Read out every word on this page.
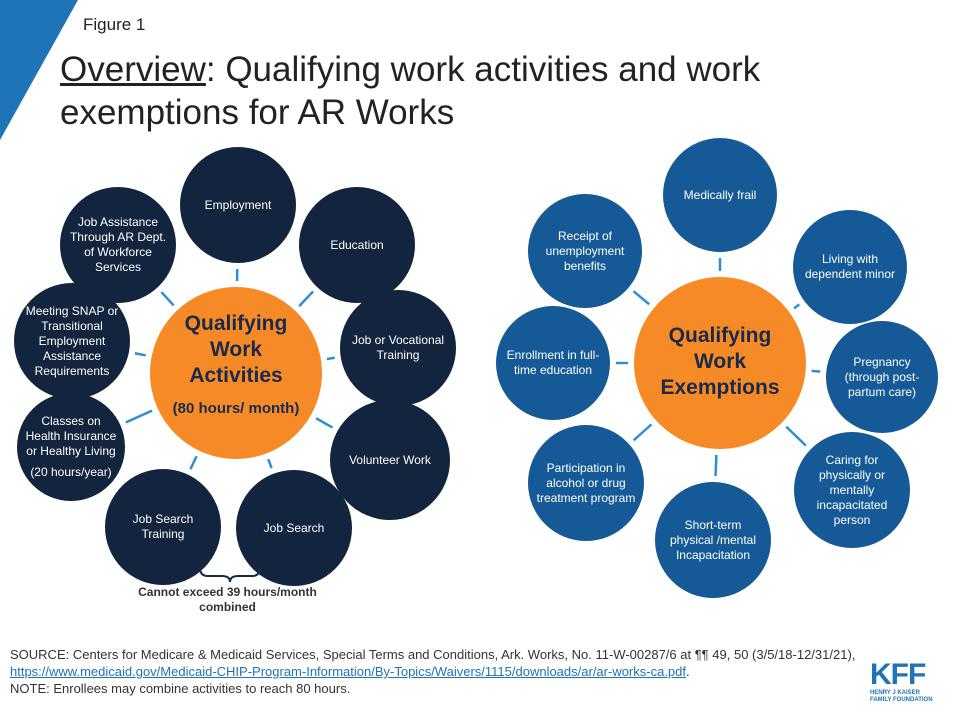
Figure 1
Overview: Qualifying work activities and work exemptions for AR Works
Employment
Education
Job or Vocational Training
Volunteer Work
Job Search
Job Search Training
Classes on Health Insurance or Healthy Living
(20 hours/year)
Meeting SNAP or Transitional Employment Assistance Requirements
Job Assistance Through AR Dept. of Workforce Services
Medically frail
Living with dependent minor
Pregnancy (through post-partum care)
Caring for physically or mentally incapacitated person
Short-term physical /mental Incapacitation
Participation in alcohol or drug treatment program
Enrollment in full-time education
Receipt of unemployment benefits
Qualifying Work Activities
(80 hours/ month)
Qualifying Work Exemptions
Cannot exceed 39 hours/month combined
SOURCE: Centers for Medicare & Medicaid Services, Special Terms and Conditions, Ark. Works, No. 11-W-00287/6 at ¶¶ 49, 50 (3/5/18-12/31/21), https://www.medicaid.gov/Medicaid-CHIP-Program-Information/By-Topics/Waivers/1115/downloads/ar/ar-works-ca.pdf.
NOTE: Enrollees may combine activities to reach 80 hours.	KFF
HENRY J KAISER
FAMILY FOUNDATION
